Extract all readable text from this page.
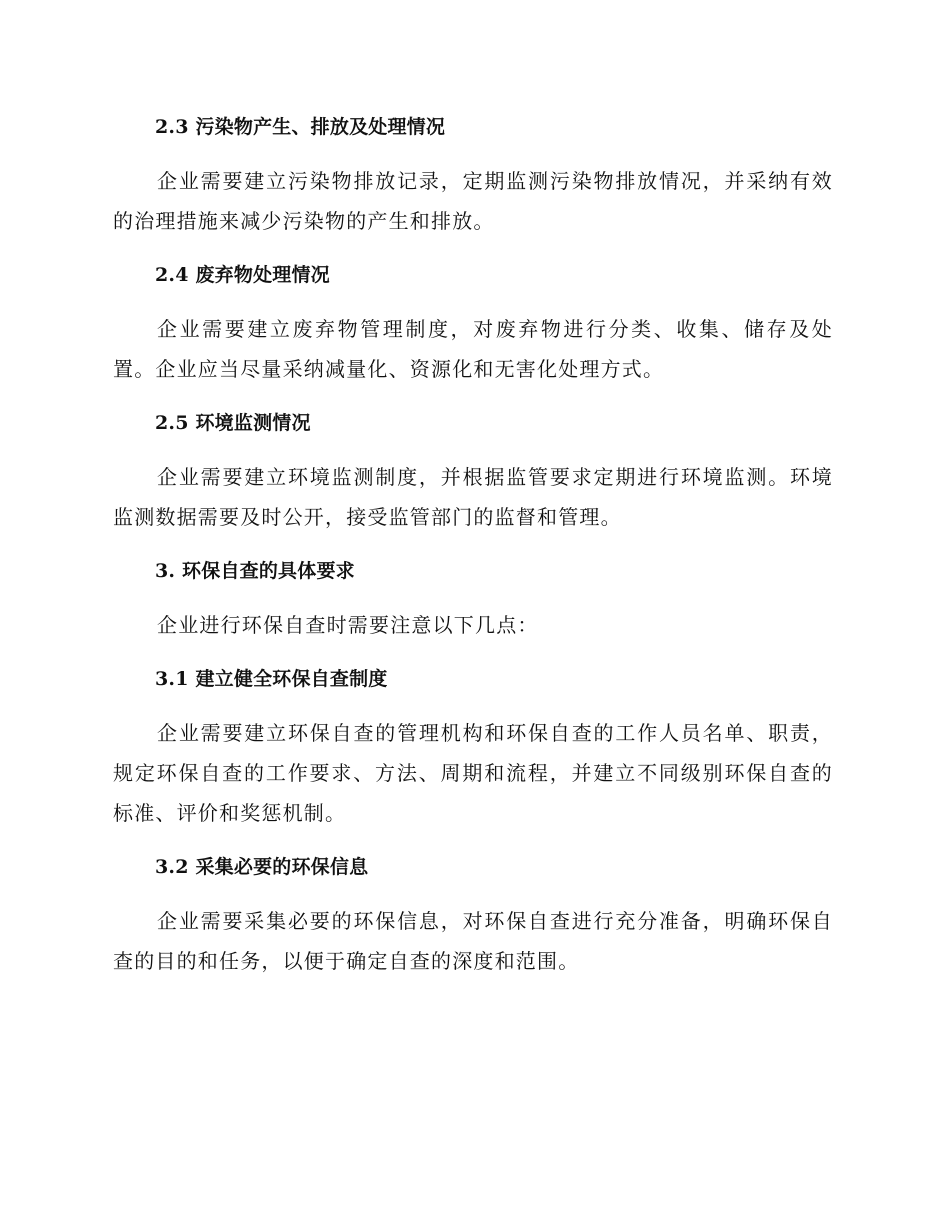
2.3 污染物产生、排放及处理情况
企业需要建立污染物排放记录，定期监测污染物排放情况，并采纳有效的治理措施来减少污染物的产生和排放。
2.4 废弃物处理情况
企业需要建立废弃物管理制度，对废弃物进行分类、收集、储存及处置。企业应当尽量采纳减量化、资源化和无害化处理方式。
2.5 环境监测情况
企业需要建立环境监测制度，并根据监管要求定期进行环境监测。环境监测数据需要及时公开，接受监管部门的监督和管理。
3. 环保自查的具体要求
企业进行环保自查时需要注意以下几点：
3.1 建立健全环保自查制度
企业需要建立环保自查的管理机构和环保自查的工作人员名单、职责，规定环保自查的工作要求、方法、周期和流程，并建立不同级别环保自查的标准、评价和奖惩机制。
3.2 采集必要的环保信息
企业需要采集必要的环保信息，对环保自查进行充分准备，明确环保自查的目的和任务，以便于确定自查的深度和范围。
